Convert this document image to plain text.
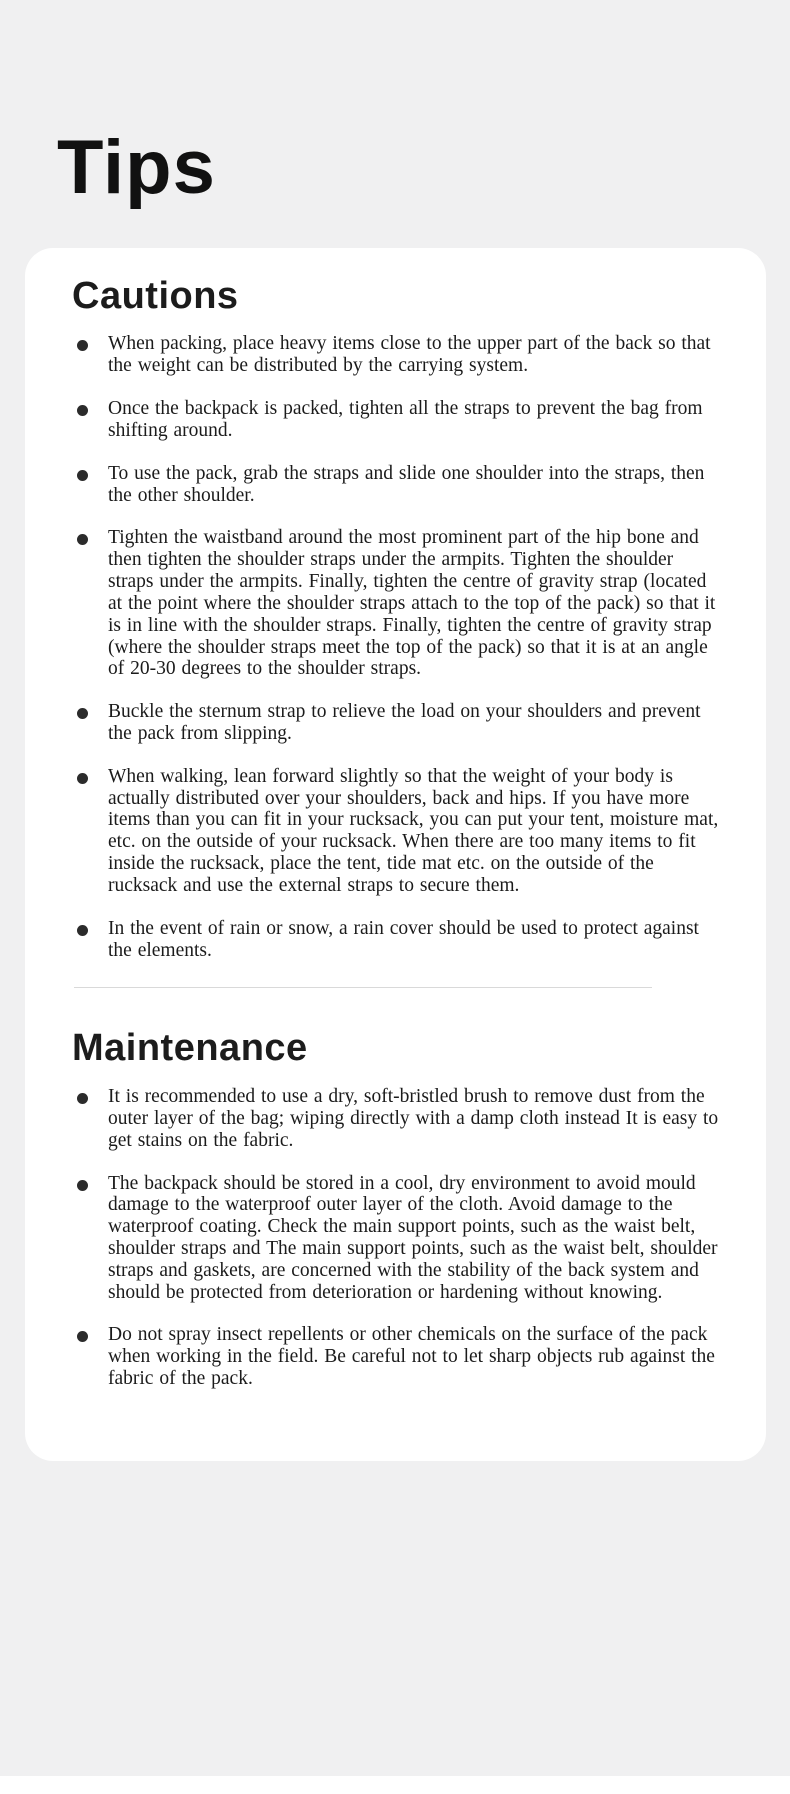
Tips
Cautions

When packing, place heavy items close to the upper part of the back so that the weight can be distributed by the carrying system.

Once the backpack is packed, tighten all the straps to prevent the bag from shifting around.

To use the pack, grab the straps and slide one shoulder into the straps, then the other shoulder.

Tighten the waistband around the most prominent part of the hip bone and then tighten the shoulder straps under the armpits. Tighten the shoulder straps under the armpits. Finally, tighten the centre of gravity strap (located at the point where the shoulder straps attach to the top of the pack) so that it is in line with the shoulder straps. Finally, tighten the centre of gravity strap (where the shoulder straps meet the top of the pack) so that it is at an angle of 20-30 degrees to the shoulder straps.

Buckle the sternum strap to relieve the load on your shoulders and prevent the pack from slipping.

When walking, lean forward slightly so that the weight of your body is actually distributed over your shoulders, back and hips. If you have more items than you can fit in your rucksack, you can put your tent, moisture mat, etc. on the outside of your rucksack. When there are too many items to fit inside the rucksack, place the tent, tide mat etc. on the outside of the rucksack and use the external straps to secure them.

In the event of rain or snow, a rain cover should be used to protect against the elements.

Maintenance

It is recommended to use a dry, soft-bristled brush to remove dust from the outer layer of the bag; wiping directly with a damp cloth instead It is easy to get stains on the fabric.

The backpack should be stored in a cool, dry environment to avoid mould damage to the waterproof outer layer of the cloth. Avoid damage to the waterproof coating. Check the main support points, such as the waist belt, shoulder straps and The main support points, such as the waist belt, shoulder straps and gaskets, are concerned with the stability of the back system and should be protected from deterioration or hardening without knowing.

Do not spray insect repellents or other chemicals on the surface of the pack when working in the field. Be careful not to let sharp objects rub against the fabric of the pack.
